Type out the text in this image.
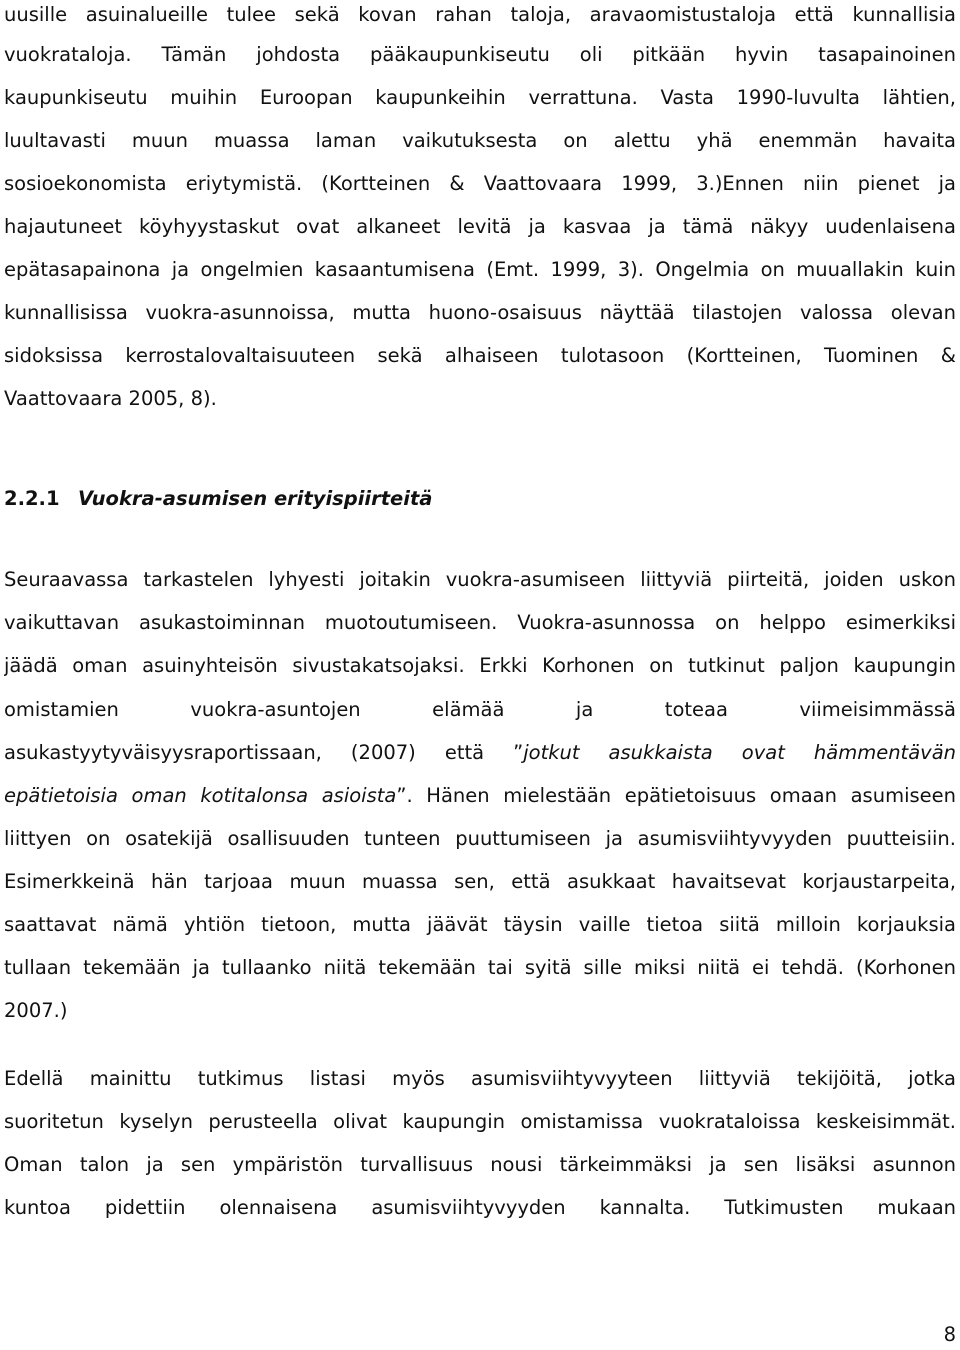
uusille asuinalueille tulee sekä kovan rahan taloja, aravaomistustaloja että kunnallisia
vuokrataloja. Tämän johdosta pääkaupunkiseutu oli pitkään hyvin tasapainoinen
kaupunkiseutu muihin Euroopan kaupunkeihin verrattuna. Vasta 1990-luvulta lähtien,
luultavasti muun muassa laman vaikutuksesta on alettu yhä enemmän havaita
sosioekonomista eriytymistä. (Kortteinen & Vaattovaara 1999, 3.)Ennen niin pienet ja
hajautuneet köyhyystaskut ovat alkaneet levitä ja kasvaa ja tämä näkyy uudenlaisena
epätasapainona ja ongelmien kasaantumisena (Emt. 1999, 3). Ongelmia on muuallakin kuin
kunnallisissa vuokra-asunnoissa, mutta huono-osaisuus näyttää tilastojen valossa olevan
sidoksissa kerrostalovaltaisuuteen sekä alhaiseen tulotasoon (Kortteinen, Tuominen &
Vaattovaara 2005, 8).
2.2.1 Vuokra-asumisen erityispiirteitä
Seuraavassa tarkastelen lyhyesti joitakin vuokra-asumiseen liittyviä piirteitä, joiden uskon
vaikuttavan asukastoiminnan muotoutumiseen. Vuokra-asunnossa on helppo esimerkiksi
jäädä oman asuinyhteisön sivustakatsojaksi. Erkki Korhonen on tutkinut paljon kaupungin
omistamien vuokra-asuntojen elämää ja toteaa viimeisimmässä
asukastyytyväisyysraportissaan, (2007) että ”jotkut asukkaista ovat hämmentävän
epätietoisia oman kotitalonsa asioista”. Hänen mielestään epätietoisuus omaan asumiseen
liittyen on osatekijä osallisuuden tunteen puuttumiseen ja asumisviihtyvyyden puutteisiin.
Esimerkkeinä hän tarjoaa muun muassa sen, että asukkaat havaitsevat korjaustarpeita,
saattavat nämä yhtiön tietoon, mutta jäävät täysin vaille tietoa siitä milloin korjauksia
tullaan tekemään ja tullaanko niitä tekemään tai syitä sille miksi niitä ei tehdä. (Korhonen
2007.)
Edellä mainittu tutkimus listasi myös asumisviihtyvyyteen liittyviä tekijöitä, jotka
suoritetun kyselyn perusteella olivat kaupungin omistamissa vuokrataloissa keskeisimmät.
Oman talon ja sen ympäristön turvallisuus nousi tärkeimmäksi ja sen lisäksi asunnon
kuntoa pidettiin olennaisena asumisviihtyvyyden kannalta. Tutkimusten mukaan
8
